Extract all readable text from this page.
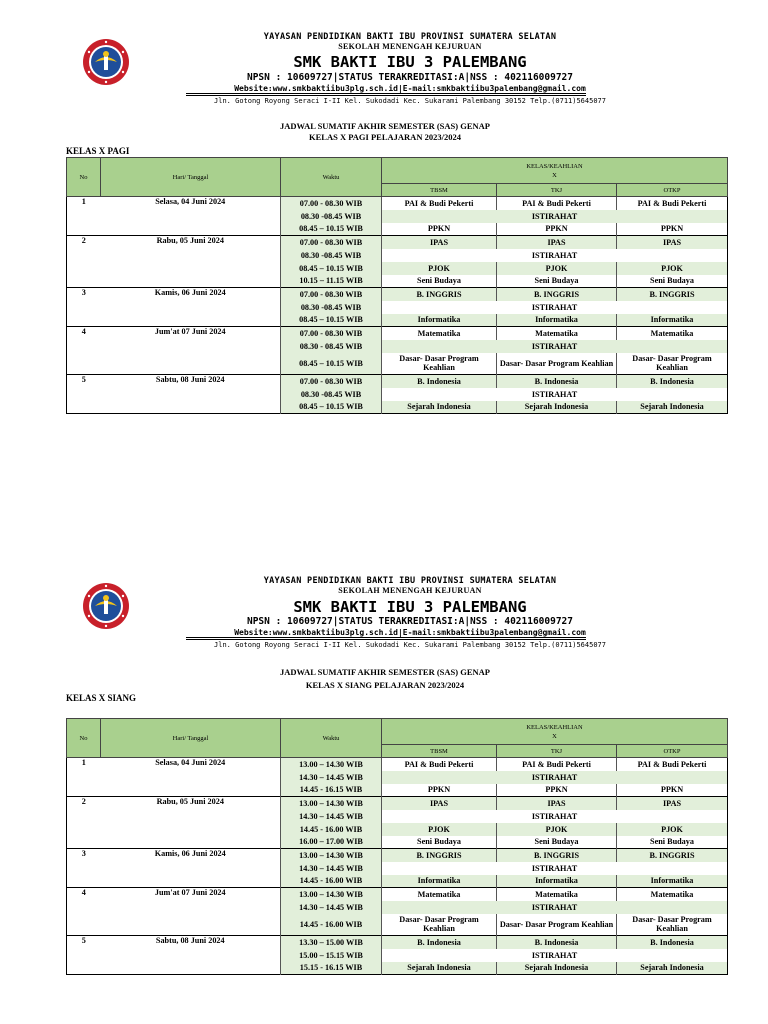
YAYASAN PENDIDIKAN BAKTI IBU PROVINSI SUMATERA SELATAN
SEKOLAH MENENGAH KEJURUAN
SMK BAKTI IBU 3 PALEMBANG
NPSN : 10609727|STATUS TERAKREDITASI:A|NSS : 402116009727
Website:www.smkbaktiibu3plg.sch.id|E-mail:smkbaktiibu3palembang@gmail.com
Jln. Gotong Royong Seraci I-II Kel. Sukodadi Kec. Sukarami Palembang 30152 Telp.(0711)5645077
JADWAL SUMATIF AKHIR SEMESTER (SAS) GENAP
KELAS X PAGI PELAJARAN 2023/2024
KELAS X PAGI
No	Hari/ Tanggal	Waktu	KELAS/KEAHLIAN
X		

			TBSM	TKJ	OTKP
1	Selasa, 04 Juni 2024	07.00 - 08.30 WIB	PAI & Budi Pekerti	PAI & Budi Pekerti	PAI & Budi Pekerti
		08.30 -08.45 WIB	ISTIRAHAT		
		08.45 – 10.15 WIB	PPKN	PPKN	PPKN
2	Rabu, 05 Juni 2024	07.00 - 08.30 WIB	IPAS	IPAS	IPAS
		08.30 -08.45 WIB	ISTIRAHAT		
		08.45 – 10.15 WIB	PJOK	PJOK	PJOK
		10.15 – 11.15 WIB	Seni Budaya	Seni Budaya	Seni Budaya
3	Kamis, 06 Juni 2024	07.00 - 08.30 WIB	B. INGGRIS	B. INGGRIS	B. INGGRIS
		08.30 -08.45 WIB	ISTIRAHAT		
		08.45 – 10.15 WIB	Informatika	Informatika	Informatika
4	Jum'at 07 Juni 2024	07.00 - 08.30 WIB	Matematika	Matematika	Matematika
		08.30 - 08.45 WIB	ISTIRAHAT		
		08.45 – 10.15 WIB	Dasar- Dasar Program Keahlian	Dasar- Dasar Program Keahlian	Dasar- Dasar Program Keahlian
5	Sabtu, 08 Juni 2024	07.00 - 08.30 WIB	B. Indonesia	B. Indonesia	B. Indonesia
		08.30 -08.45 WIB	ISTIRAHAT		
		08.45 – 10.15 WIB	Sejarah Indonesia	Sejarah Indonesia	Sejarah Indonesia
YAYASAN PENDIDIKAN BAKTI IBU PROVINSI SUMATERA SELATAN
SEKOLAH MENENGAH KEJURUAN
SMK BAKTI IBU 3 PALEMBANG
NPSN : 10609727|STATUS TERAKREDITASI:A|NSS : 402116009727
Website:www.smkbaktiibu3plg.sch.id|E-mail:smkbaktiibu3palembang@gmail.com
Jln. Gotong Royong Seraci I-II Kel. Sukodadi Kec. Sukarami Palembang 30152 Telp.(0711)5645077
JADWAL SUMATIF AKHIR SEMESTER (SAS) GENAP
KELAS X SIANG PELAJARAN 2023/2024
KELAS X SIANG
No	Hari/ Tanggal	Waktu	KELAS/KEAHLIAN
X		

			TBSM	TKJ	OTKP
1	Selasa, 04 Juni 2024	13.00 – 14.30 WIB	PAI & Budi Pekerti	PAI & Budi Pekerti	PAI & Budi Pekerti
		14.30 – 14.45 WIB	ISTIRAHAT		
		14.45 - 16.15 WIB	PPKN	PPKN	PPKN
2	Rabu, 05 Juni 2024	13.00 – 14.30 WIB	IPAS	IPAS	IPAS
		14.30 – 14.45 WIB	ISTIRAHAT		
		14.45 - 16.00 WIB	PJOK	PJOK	PJOK
		16.00 – 17.00 WIB	Seni Budaya	Seni Budaya	Seni Budaya
3	Kamis, 06 Juni 2024	13.00 – 14.30 WIB	B. INGGRIS	B. INGGRIS	B. INGGRIS
		14.30 – 14.45 WIB	ISTIRAHAT		
		14.45 - 16.00 WIB	Informatika	Informatika	Informatika
4	Jum'at 07 Juni 2024	13.00 – 14.30 WIB	Matematika	Matematika	Matematika
		14.30 – 14.45 WIB	ISTIRAHAT		
		14.45 - 16.00 WIB	Dasar- Dasar Program Keahlian	Dasar- Dasar Program Keahlian	Dasar- Dasar Program Keahlian
5	Sabtu, 08 Juni 2024	13.30 – 15.00 WIB	B. Indonesia	B. Indonesia	B. Indonesia
		15.00 – 15.15 WIB	ISTIRAHAT		
		15.15 - 16.15 WIB	Sejarah Indonesia	Sejarah Indonesia	Sejarah Indonesia
